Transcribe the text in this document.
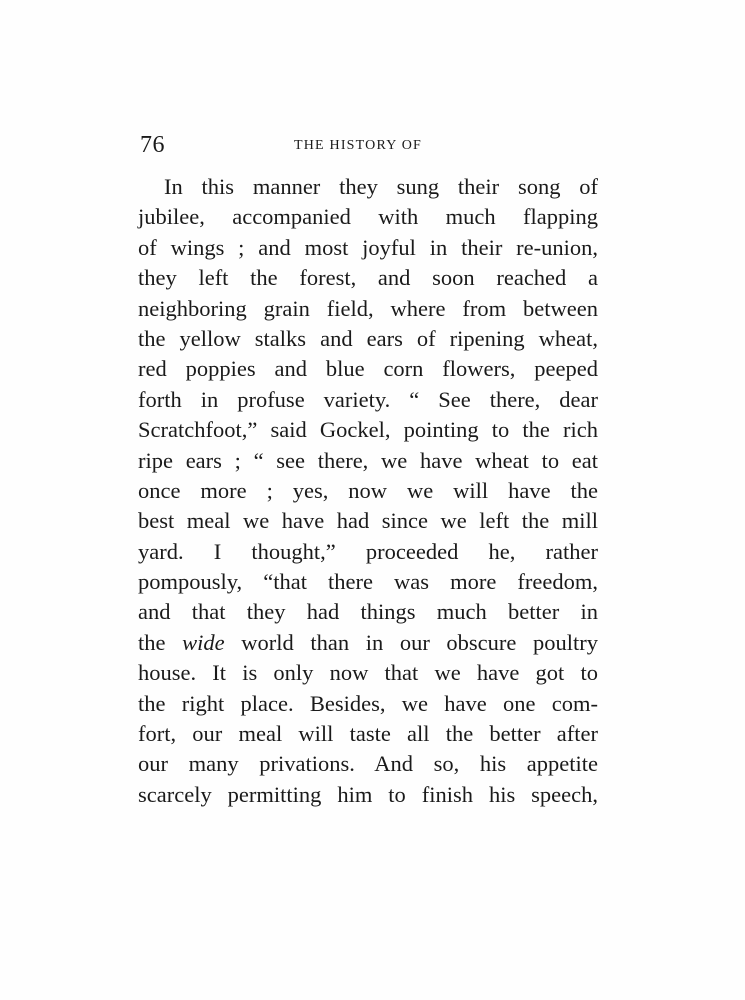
76	THE HISTORY OF
In this manner they sung their song of
jubilee, accompanied with much flapping
of wings ; and most joyful in their re-union,
they left the forest, and soon reached a
neighboring grain field, where from between
the yellow stalks and ears of ripening wheat,
red poppies and blue corn flowers, peeped
forth in profuse variety. “ See there, dear
Scratchfoot,” said Gockel, pointing to the rich
ripe ears ; “ see there, we have wheat to eat
once more ; yes, now we will have the
best meal we have had since we left the mill
yard. I thought,” proceeded he, rather
pompously, “that there was more freedom,
and that they had things much better in
the wide world than in our obscure poultry
house. It is only now that we have got to
the right place. Besides, we have one com-
fort, our meal will taste all the better after
our many privations. And so, his appetite
scarcely permitting him to finish his speech,
